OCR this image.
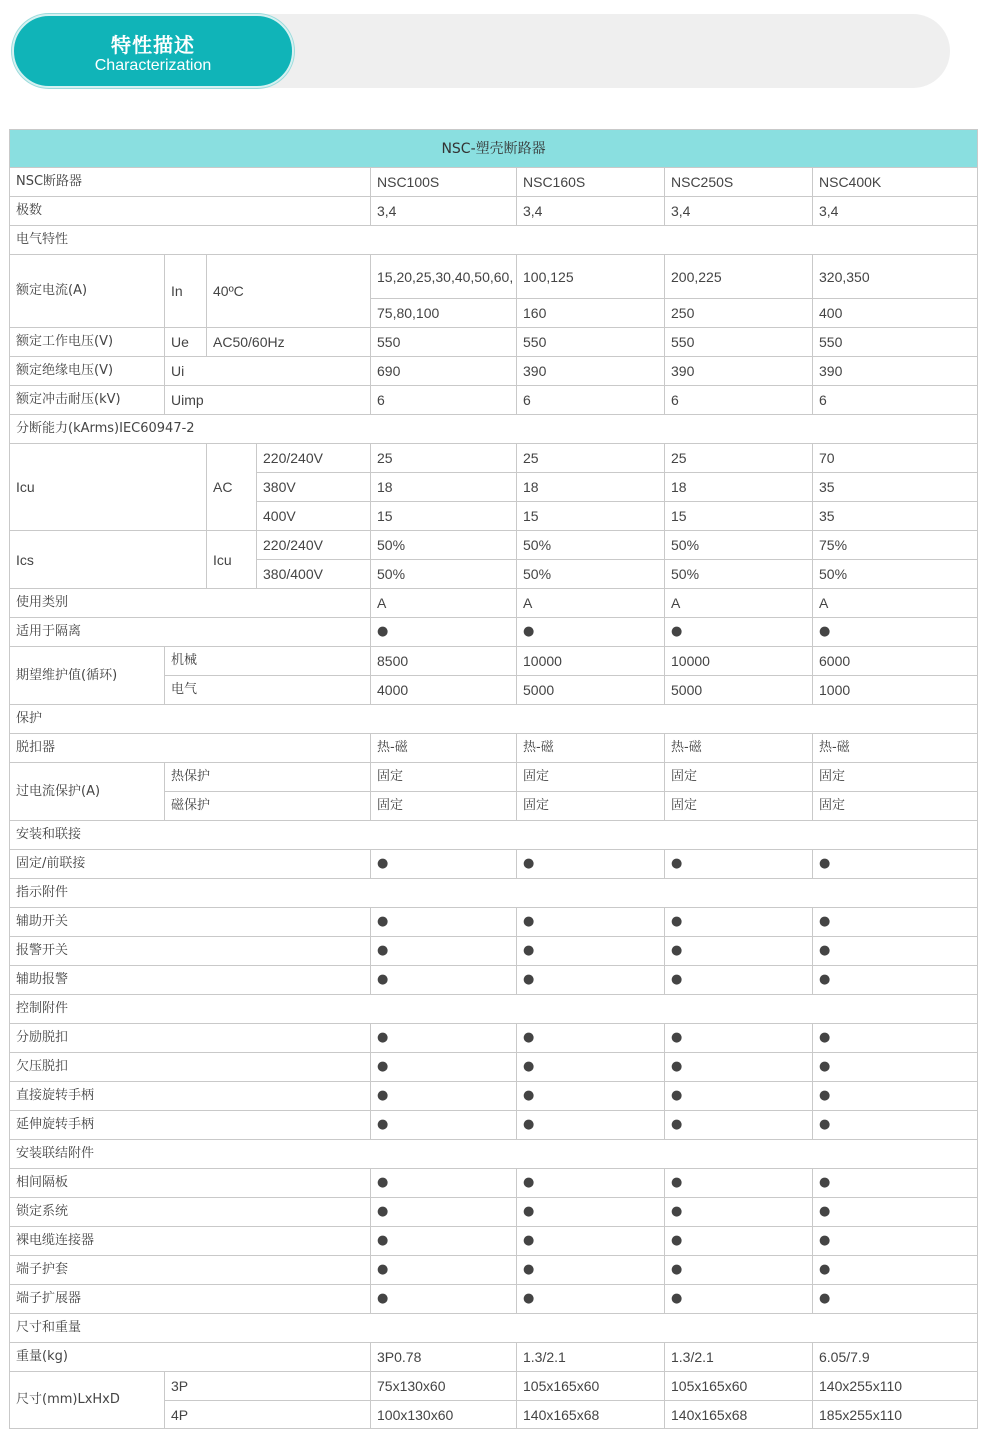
特性描述
Characterization
NSC-塑壳断路器							
NSC断路器				NSC100S	NSC160S	NSC250S	NSC400K
极数				3,4	3,4	3,4	3,4
电气特性							
额定电流(A)	In	40ºC		15,20,25,30,40,50,60,	100,125	200,225	320,350
				75,80,100	160	250	400
额定工作电压(V)	Ue	AC50/60Hz		550	550	550	550
额定绝缘电压(V)	Ui			690	390	390	390
额定冲击耐压(kV)	Uimp			6	6	6	6
分断能力(kArms)IEC60947-2							
Icu		AC	220/240V	25	25	25	70
			380V	18	18	18	35
			400V	15	15	15	35
Ics		Icu	220/240V	50%	50%	50%	75%
			380/400V	50%	50%	50%	50%
使用类别				A	A	A	A
适用于隔离				●	●	●	●
期望维护值(循环)	机械			8500	10000	10000	6000
	电气			4000	5000	5000	1000
保护							
脱扣器				热-磁	热-磁	热-磁	热-磁
过电流保护(A)	热保护			固定	固定	固定	固定
	磁保护			固定	固定	固定	固定
安装和联接							
固定/前联接				●	●	●	●
指示附件							
辅助开关				●	●	●	●
报警开关				●	●	●	●
辅助报警				●	●	●	●
控制附件							
分励脱扣				●	●	●	●
欠压脱扣				●	●	●	●
直接旋转手柄				●	●	●	●
延伸旋转手柄				●	●	●	●
安装联结附件							
相间隔板				●	●	●	●
锁定系统				●	●	●	●
裸电缆连接器				●	●	●	●
端子护套				●	●	●	●
端子扩展器				●	●	●	●
尺寸和重量							
重量(kg)				3P0.78	1.3/2.1	1.3/2.1	6.05/7.9
尺寸(mm)LxHxD	3P			75x130x60	105x165x60	105x165x60	140x255x110
	4P			100x130x60	140x165x68	140x165x68	185x255x110
